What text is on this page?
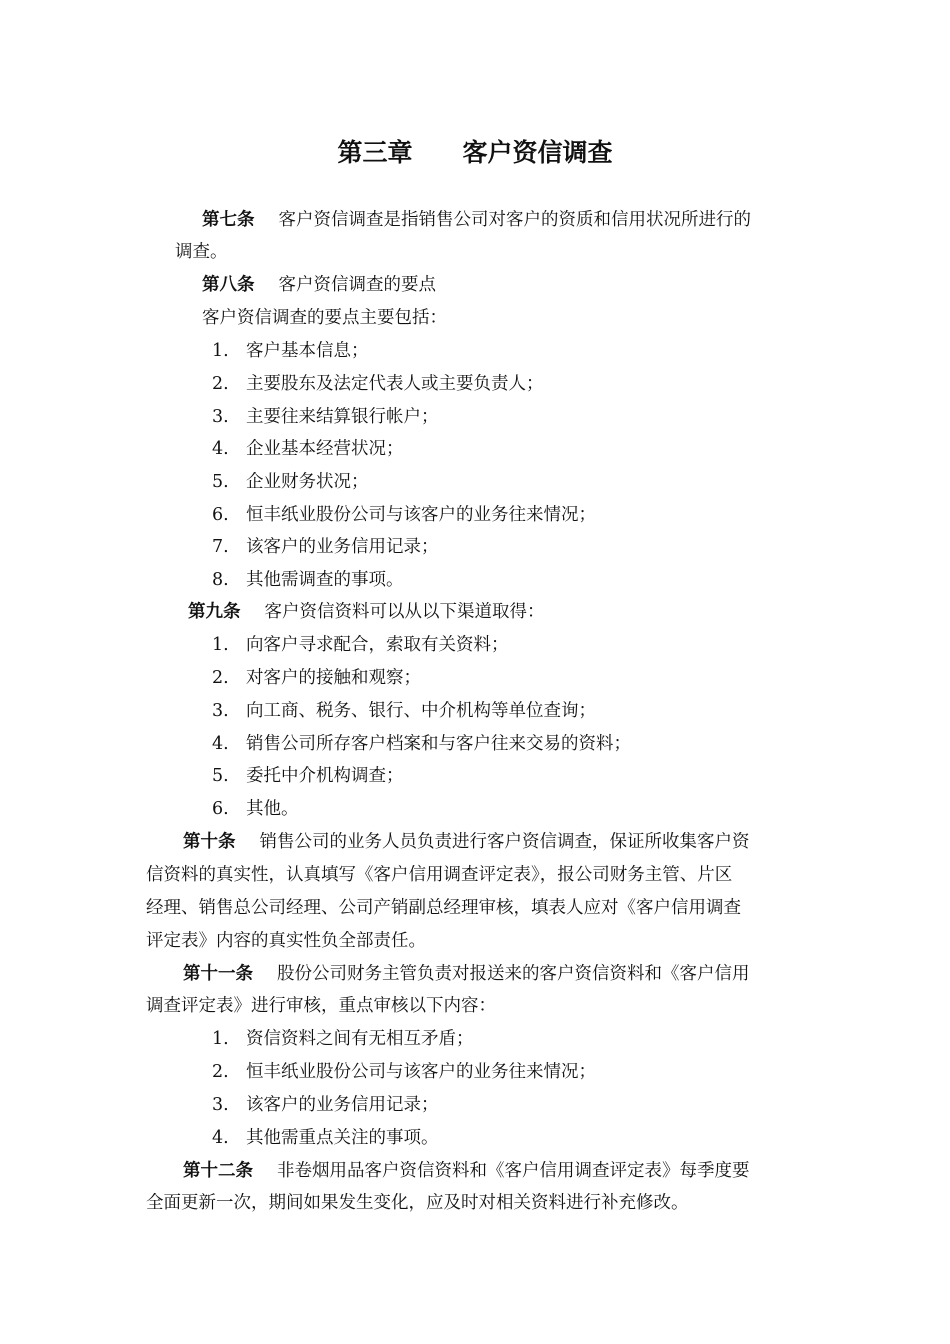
第三章　　客户资信调查
第七条 客户资信调查是指销售公司对客户的资质和信用状况所进行的
调查。
第八条 客户资信调查的要点
客户资信调查的要点主要包括：
1. 客户基本信息；
2. 主要股东及法定代表人或主要负责人；
3. 主要往来结算银行帐户；
4. 企业基本经营状况；
5. 企业财务状况；
6. 恒丰纸业股份公司与该客户的业务往来情况；
7. 该客户的业务信用记录；
8. 其他需调查的事项。
第九条 客户资信资料可以从以下渠道取得：
1. 向客户寻求配合，索取有关资料；
2. 对客户的接触和观察；
3. 向工商、税务、银行、中介机构等单位查询；
4. 销售公司所存客户档案和与客户往来交易的资料；
5. 委托中介机构调查；
6. 其他。
第十条 销售公司的业务人员负责进行客户资信调查，保证所收集客户资
信资料的真实性，认真填写《客户信用调查评定表》，报公司财务主管、片区
经理、销售总公司经理、公司产销副总经理审核，填表人应对《客户信用调查
评定表》内容的真实性负全部责任。
第十一条 股份公司财务主管负责对报送来的客户资信资料和《客户信用
调查评定表》进行审核，重点审核以下内容：
1. 资信资料之间有无相互矛盾；
2. 恒丰纸业股份公司与该客户的业务往来情况；
3. 该客户的业务信用记录；
4. 其他需重点关注的事项。
第十二条 非卷烟用品客户资信资料和《客户信用调查评定表》每季度要
全面更新一次，期间如果发生变化，应及时对相关资料进行补充修改。
